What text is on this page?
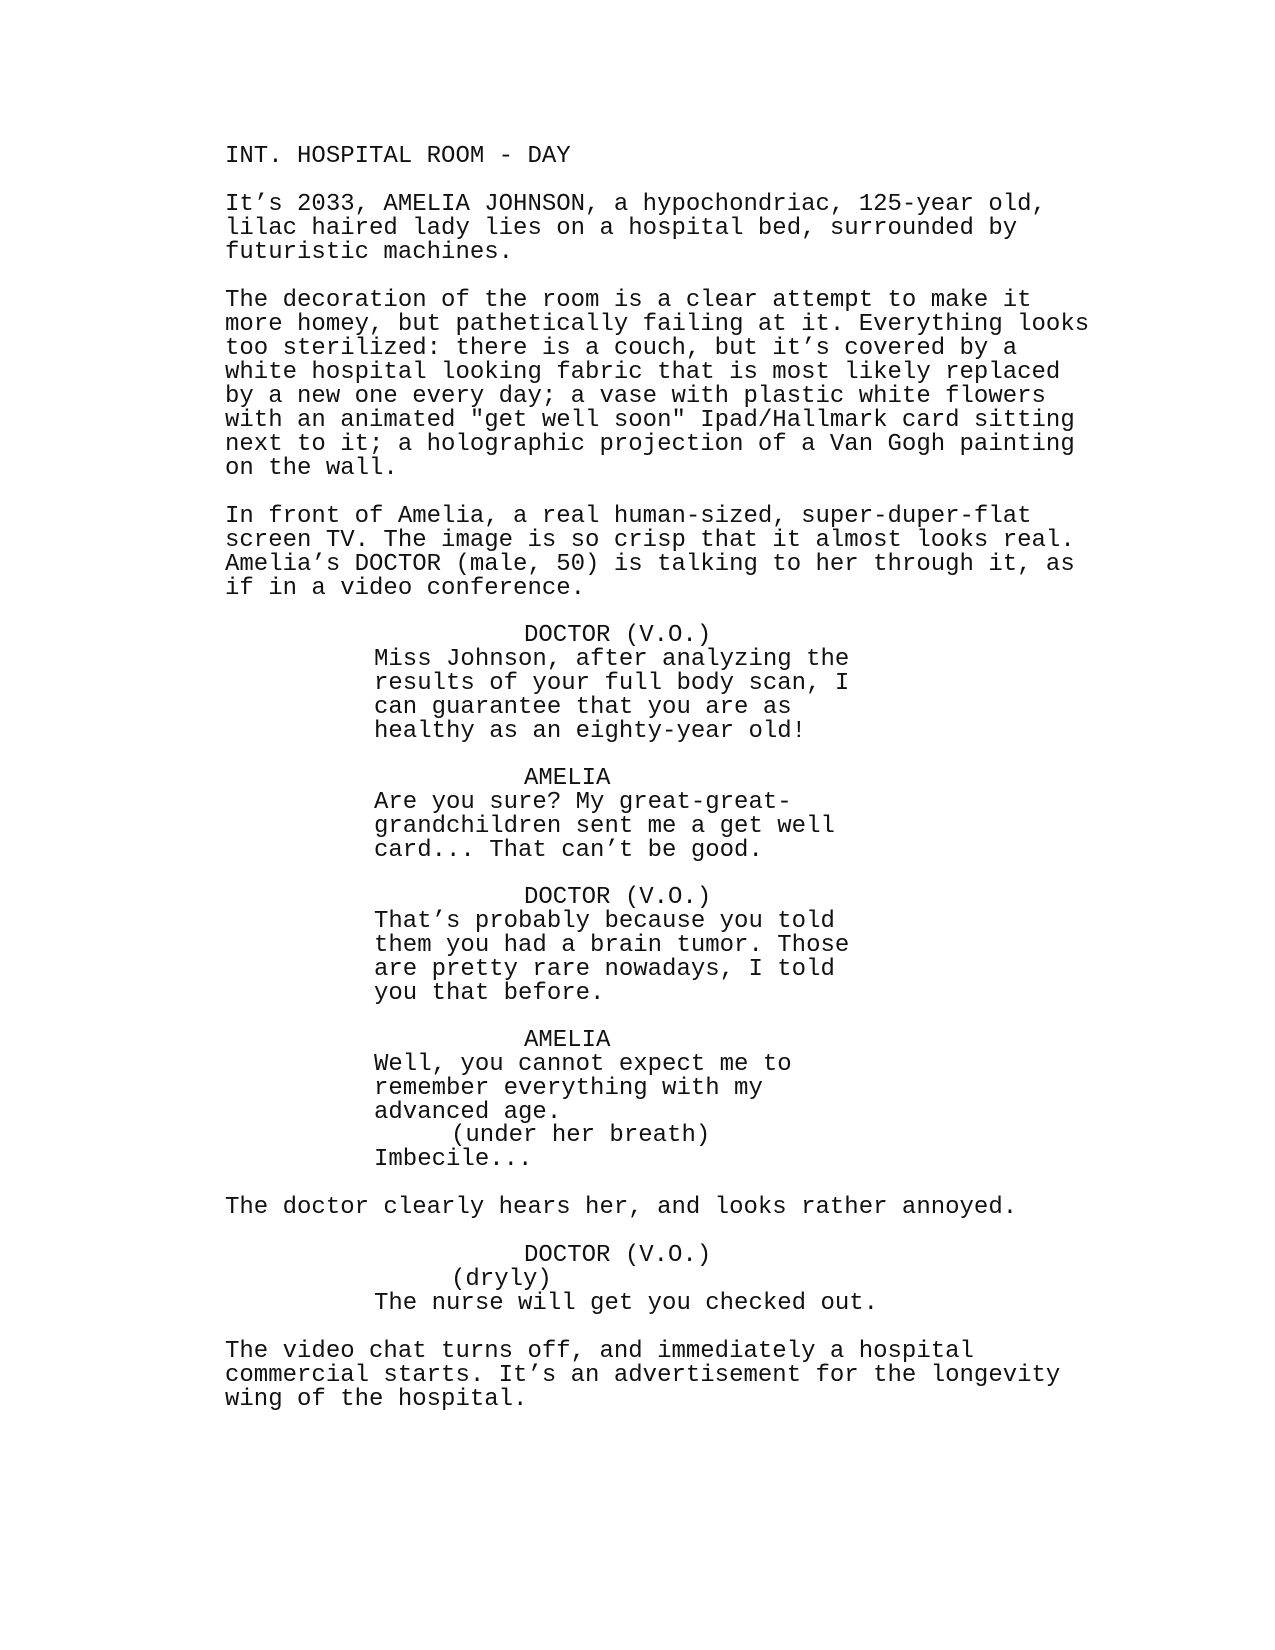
INT. HOSPITAL ROOM - DAY
It’s 2033, AMELIA JOHNSON, a hypochondriac, 125-year old,
lilac haired lady lies on a hospital bed, surrounded by
futuristic machines.
The decoration of the room is a clear attempt to make it
more homey, but pathetically failing at it. Everything looks
too sterilized: there is a couch, but it’s covered by a
white hospital looking fabric that is most likely replaced
by a new one every day; a vase with plastic white flowers
with an animated "get well soon" Ipad/Hallmark card sitting
next to it; a holographic projection of a Van Gogh painting
on the wall.
In front of Amelia, a real human-sized, super-duper-flat
screen TV. The image is so crisp that it almost looks real.
Amelia’s DOCTOR (male, 50) is talking to her through it, as
if in a video conference.
DOCTOR (V.O.)
Miss Johnson, after analyzing the
results of your full body scan, I
can guarantee that you are as
healthy as an eighty-year old!
AMELIA
Are you sure? My great-great-
grandchildren sent me a get well
card... That can’t be good.
DOCTOR (V.O.)
That’s probably because you told
them you had a brain tumor. Those
are pretty rare nowadays, I told
you that before.
AMELIA
Well, you cannot expect me to
remember everything with my
advanced age.
(under her breath)
Imbecile...
The doctor clearly hears her, and looks rather annoyed.
DOCTOR (V.O.)
(dryly)
The nurse will get you checked out.
The video chat turns off, and immediately a hospital
commercial starts. It’s an advertisement for the longevity
wing of the hospital.
